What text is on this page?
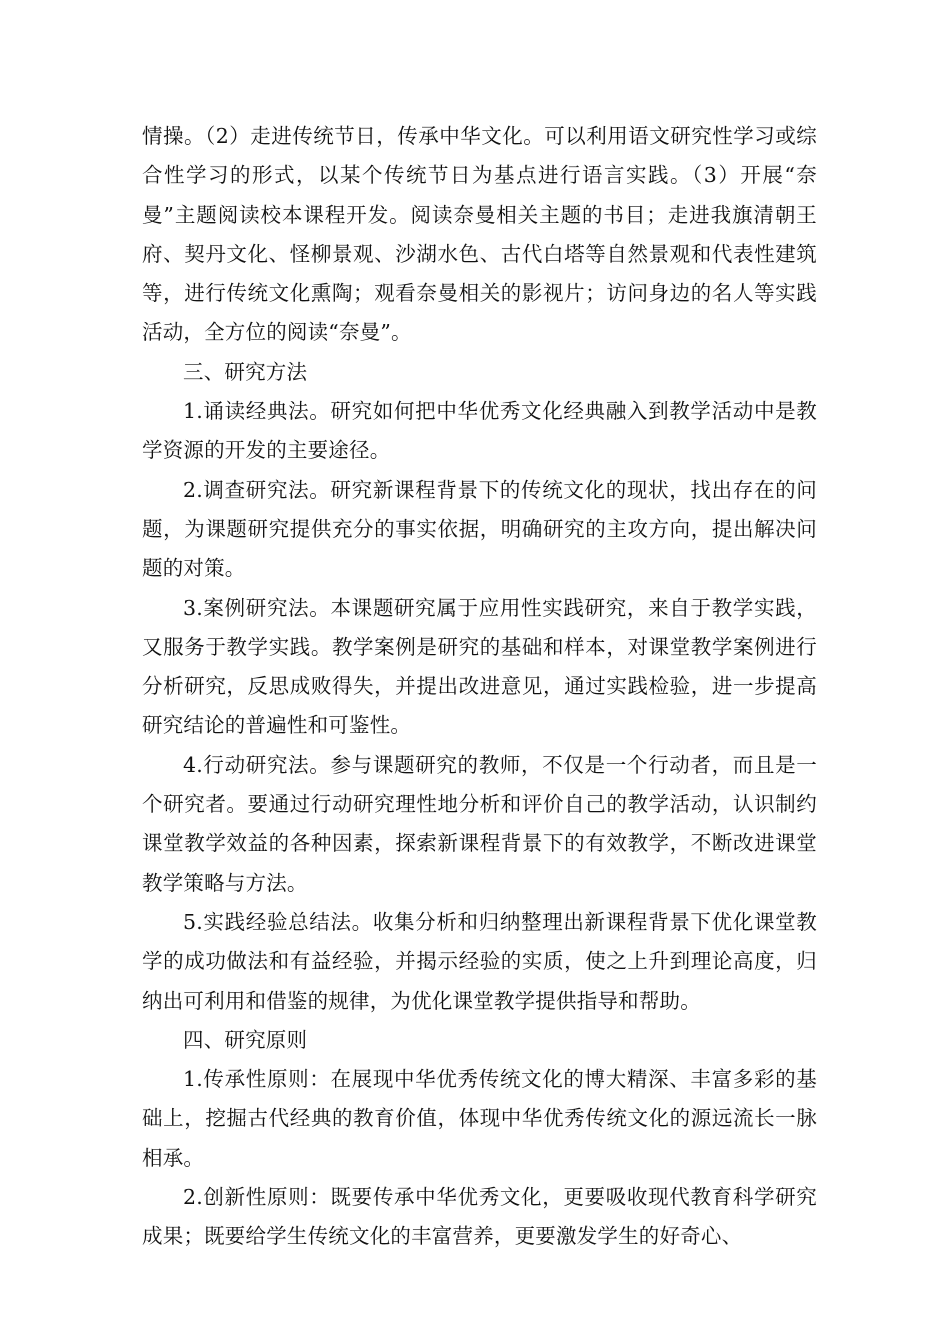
情操。（2）走进传统节日，传承中华文化。可以利用语文研究性学习或综合性学习的形式，以某个传统节日为基点进行语言实践。（3）开展“奈曼”主题阅读校本课程开发。阅读奈曼相关主题的书目；走进我旗清朝王府、契丹文化、怪柳景观、沙湖水色、古代白塔等自然景观和代表性建筑等，进行传统文化熏陶；观看奈曼相关的影视片；访问身边的名人等实践活动，全方位的阅读“奈曼”。

三、研究方法

1.诵读经典法。研究如何把中华优秀文化经典融入到教学活动中是教学资源的开发的主要途径。

2.调查研究法。研究新课程背景下的传统文化的现状，找出存在的问题，为课题研究提供充分的事实依据，明确研究的主攻方向，提出解决问题的对策。

3.案例研究法。本课题研究属于应用性实践研究，来自于教学实践，又服务于教学实践。教学案例是研究的基础和样本，对课堂教学案例进行分析研究，反思成败得失，并提出改进意见，通过实践检验，进一步提高研究结论的普遍性和可鉴性。

4.行动研究法。参与课题研究的教师，不仅是一个行动者，而且是一个研究者。要通过行动研究理性地分析和评价自己的教学活动，认识制约课堂教学效益的各种因素，探索新课程背景下的有效教学，不断改进课堂教学策略与方法。

5.实践经验总结法。收集分析和归纳整理出新课程背景下优化课堂教学的成功做法和有益经验，并揭示经验的实质，使之上升到理论高度，归纳出可利用和借鉴的规律，为优化课堂教学提供指导和帮助。

四、研究原则

1.传承性原则：在展现中华优秀传统文化的博大精深、丰富多彩的基础上，挖掘古代经典的教育价值，体现中华优秀传统文化的源远流长一脉相承。

2.创新性原则：既要传承中华优秀文化，更要吸收现代教育科学研究成果；既要给学生传统文化的丰富营养，更要激发学生的好奇心、
